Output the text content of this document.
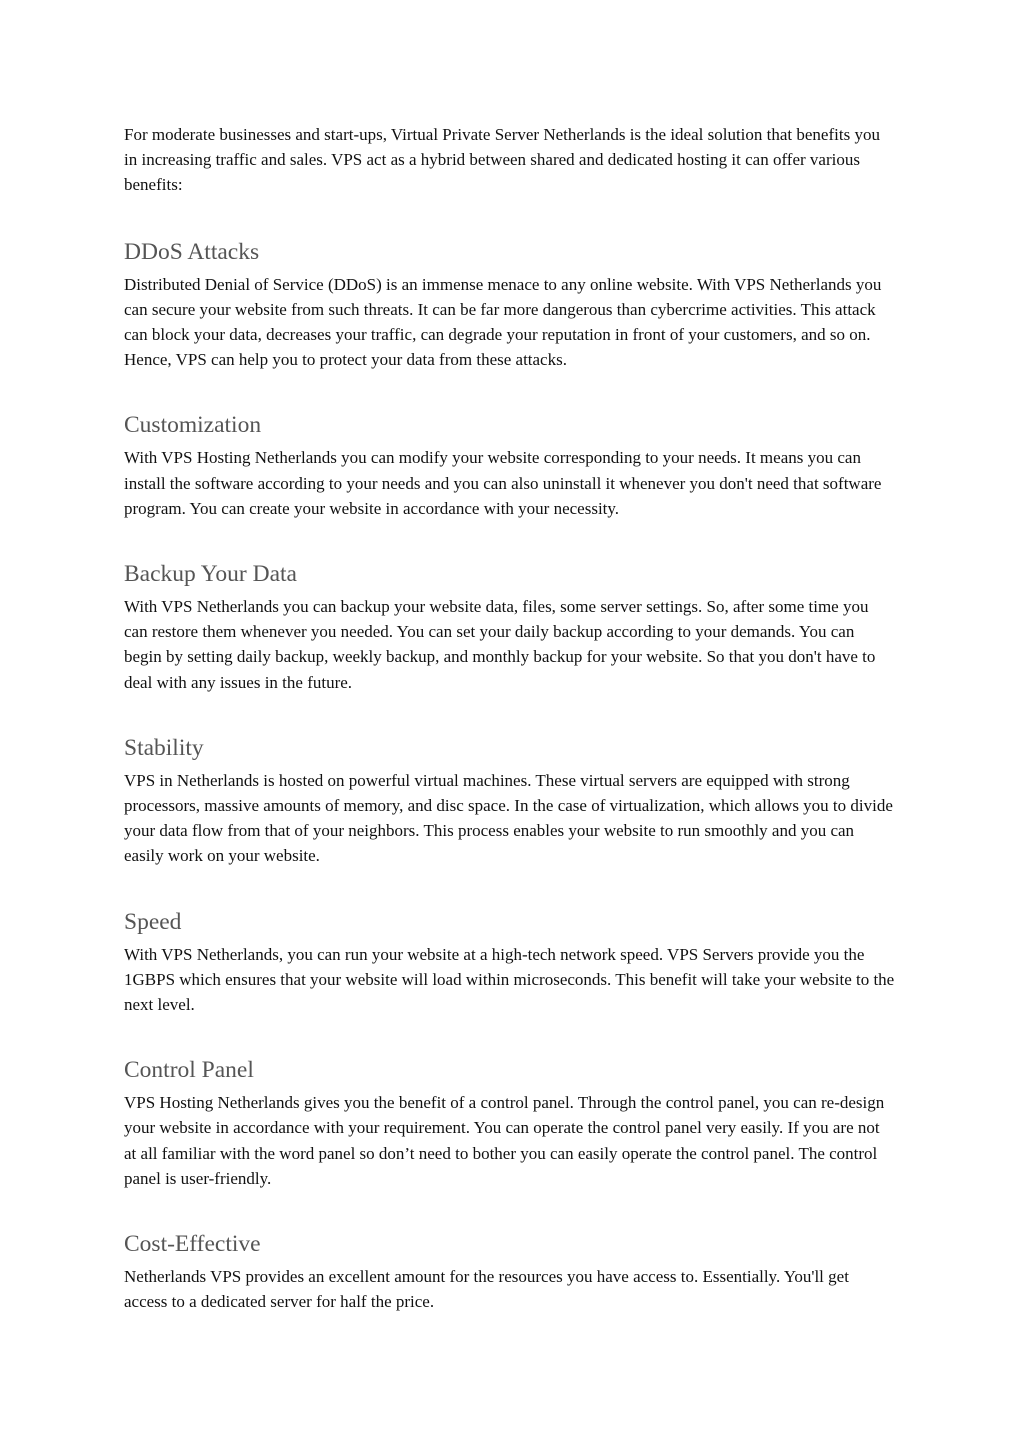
For moderate businesses and start-ups, Virtual Private Server Netherlands is the ideal solution that benefits you in increasing traffic and sales. VPS act as a hybrid between shared and dedicated hosting it can offer various benefits:

DDoS Attacks

Distributed Denial of Service (DDoS) is an immense menace to any online website. With VPS Netherlands you can secure your website from such threats. It can be far more dangerous than cybercrime activities. This attack can block your data, decreases your traffic, can degrade your reputation in front of your customers, and so on. Hence, VPS can help you to protect your data from these attacks.

Customization

With VPS Hosting Netherlands you can modify your website corresponding to your needs. It means you can install the software according to your needs and you can also uninstall it whenever you don't need that software program. You can create your website in accordance with your necessity.

Backup Your Data

With VPS Netherlands you can backup your website data, files, some server settings. So, after some time you can restore them whenever you needed. You can set your daily backup according to your demands. You can begin by setting daily backup, weekly backup, and monthly backup for your website. So that you don't have to deal with any issues in the future.

Stability

VPS in Netherlands is hosted on powerful virtual machines. These virtual servers are equipped with strong processors, massive amounts of memory, and disc space. In the case of virtualization, which allows you to divide your data flow from that of your neighbors. This process enables your website to run smoothly and you can easily work on your website.

Speed

With VPS Netherlands, you can run your website at a high-tech network speed. VPS Servers provide you the 1GBPS which ensures that your website will load within microseconds. This benefit will take your website to the next level.

Control Panel

VPS Hosting Netherlands gives you the benefit of a control panel. Through the control panel, you can re-design your website in accordance with your requirement. You can operate the control panel very easily. If you are not at all familiar with the word panel so don’t need to bother you can easily operate the control panel. The control panel is user-friendly.

Cost-Effective

Netherlands VPS provides an excellent amount for the resources you have access to. Essentially. You'll get access to a dedicated server for half the price.
